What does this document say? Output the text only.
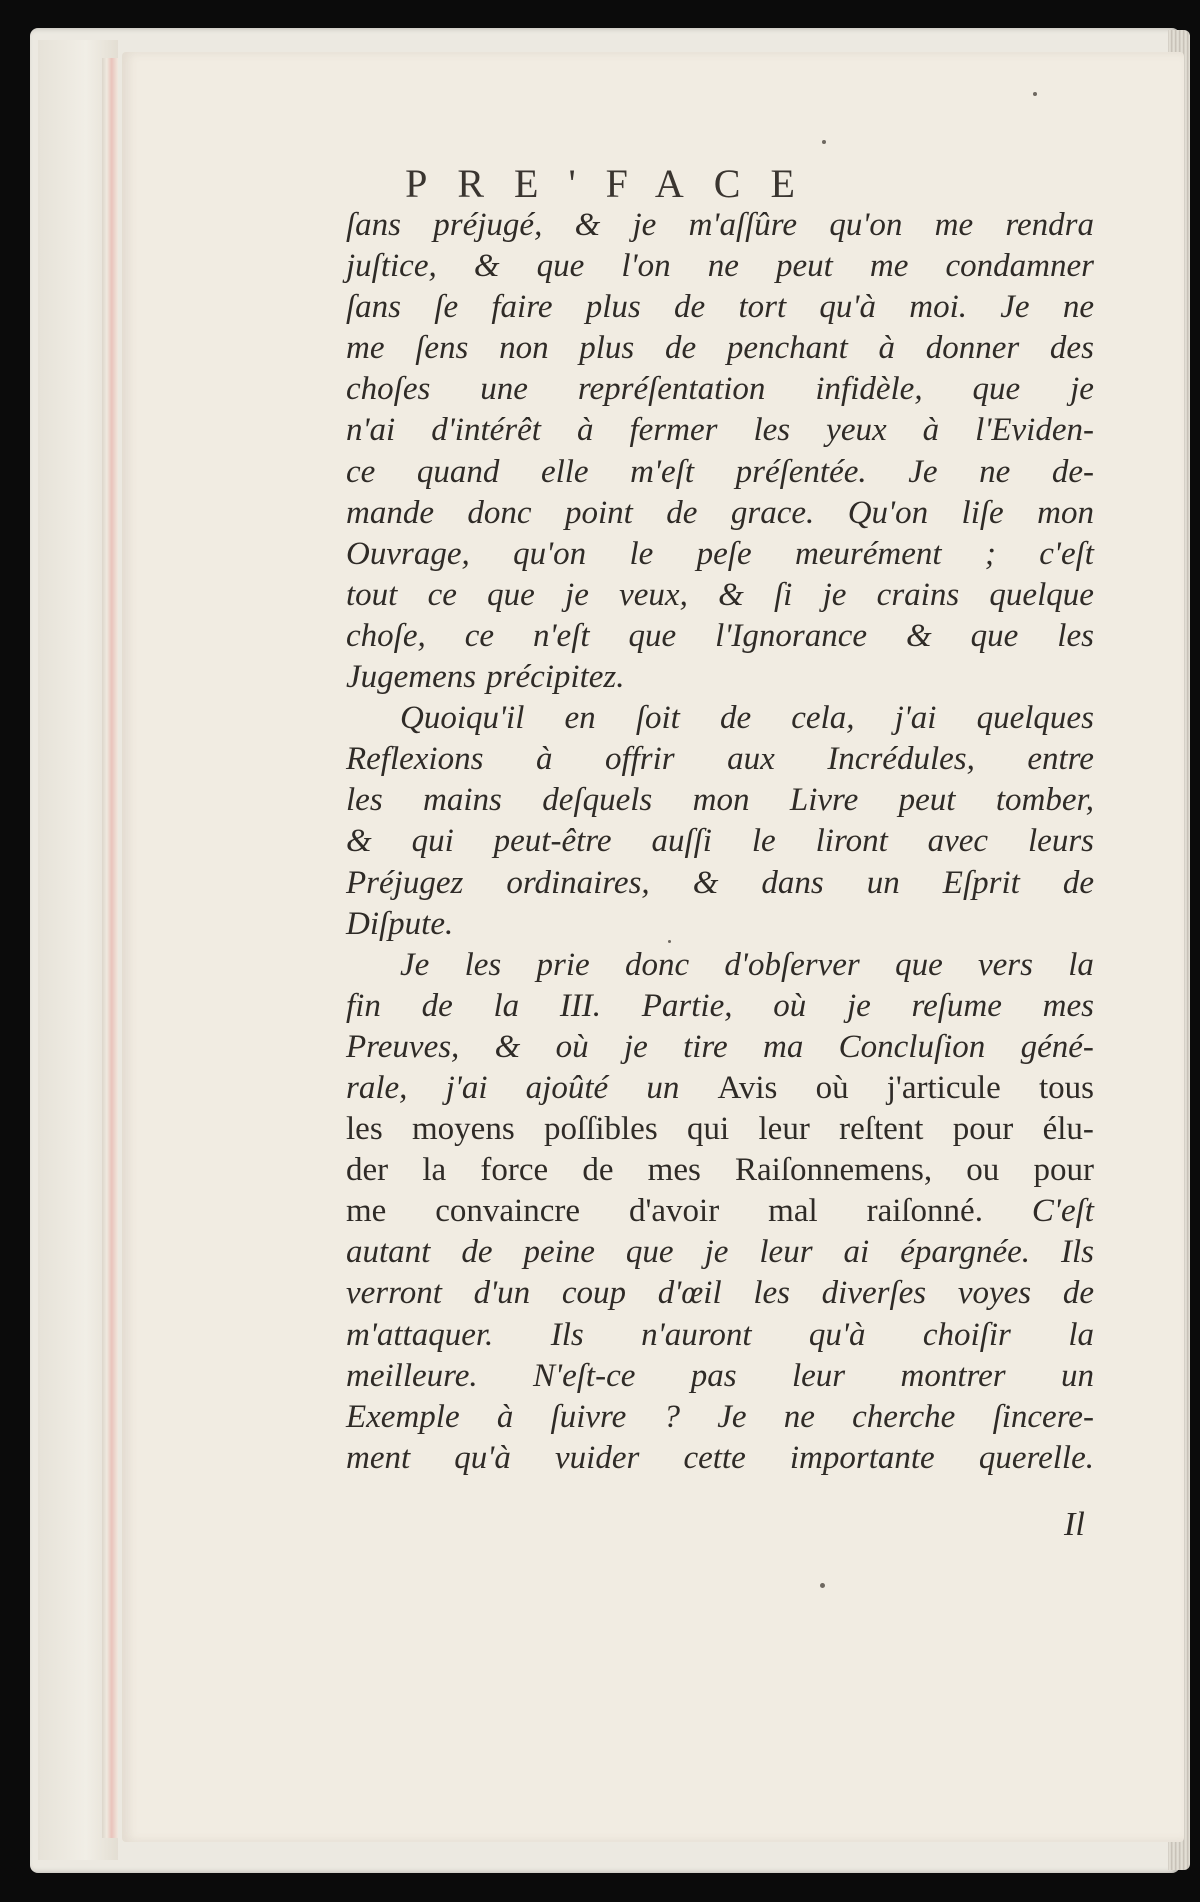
PRE'FACE
ſans préjugé, & je m'aſſûre qu'on me rendra
juſtice, & que l'on ne peut me condamner
ſans ſe faire plus de tort qu'à moi. Je ne
me ſens non plus de penchant à donner des
choſes une repréſentation infidèle, que je
n'ai d'intérêt à fermer les yeux à l'Eviden-
ce quand elle m'eſt préſentée. Je ne de-
mande donc point de grace. Qu'on liſe mon
Ouvrage, qu'on le peſe meurément ; c'eſt
tout ce que je veux, & ſi je crains quelque
choſe, ce n'eſt que l'Ignorance & que les
Jugemens précipitez.
Quoiqu'il en ſoit de cela, j'ai quelques
Reflexions à offrir aux Incrédules, entre
les mains deſquels mon Livre peut tomber,
& qui peut-être auſſi le liront avec leurs
Préjugez ordinaires, & dans un Eſprit de
Diſpute.
Je les prie donc d'obſerver que vers la
fin de la III. Partie, où je reſume mes
Preuves, & où je tire ma Concluſion géné-
rale, j'ai ajoûté un Avis où j'articule tous
les moyens poſſibles qui leur reſtent pour élu-
der la force de mes Raiſonnemens, ou pour
me convaincre d'avoir mal raiſonné. C'eſt
autant de peine que je leur ai épargnée. Ils
verront d'un coup d'œil les diverſes voyes de
m'attaquer. Ils n'auront qu'à choiſir la
meilleure. N'eſt-ce pas leur montrer un
Exemple à ſuivre ? Je ne cherche ſincere-
ment qu'à vuider cette importante querelle.
Il
